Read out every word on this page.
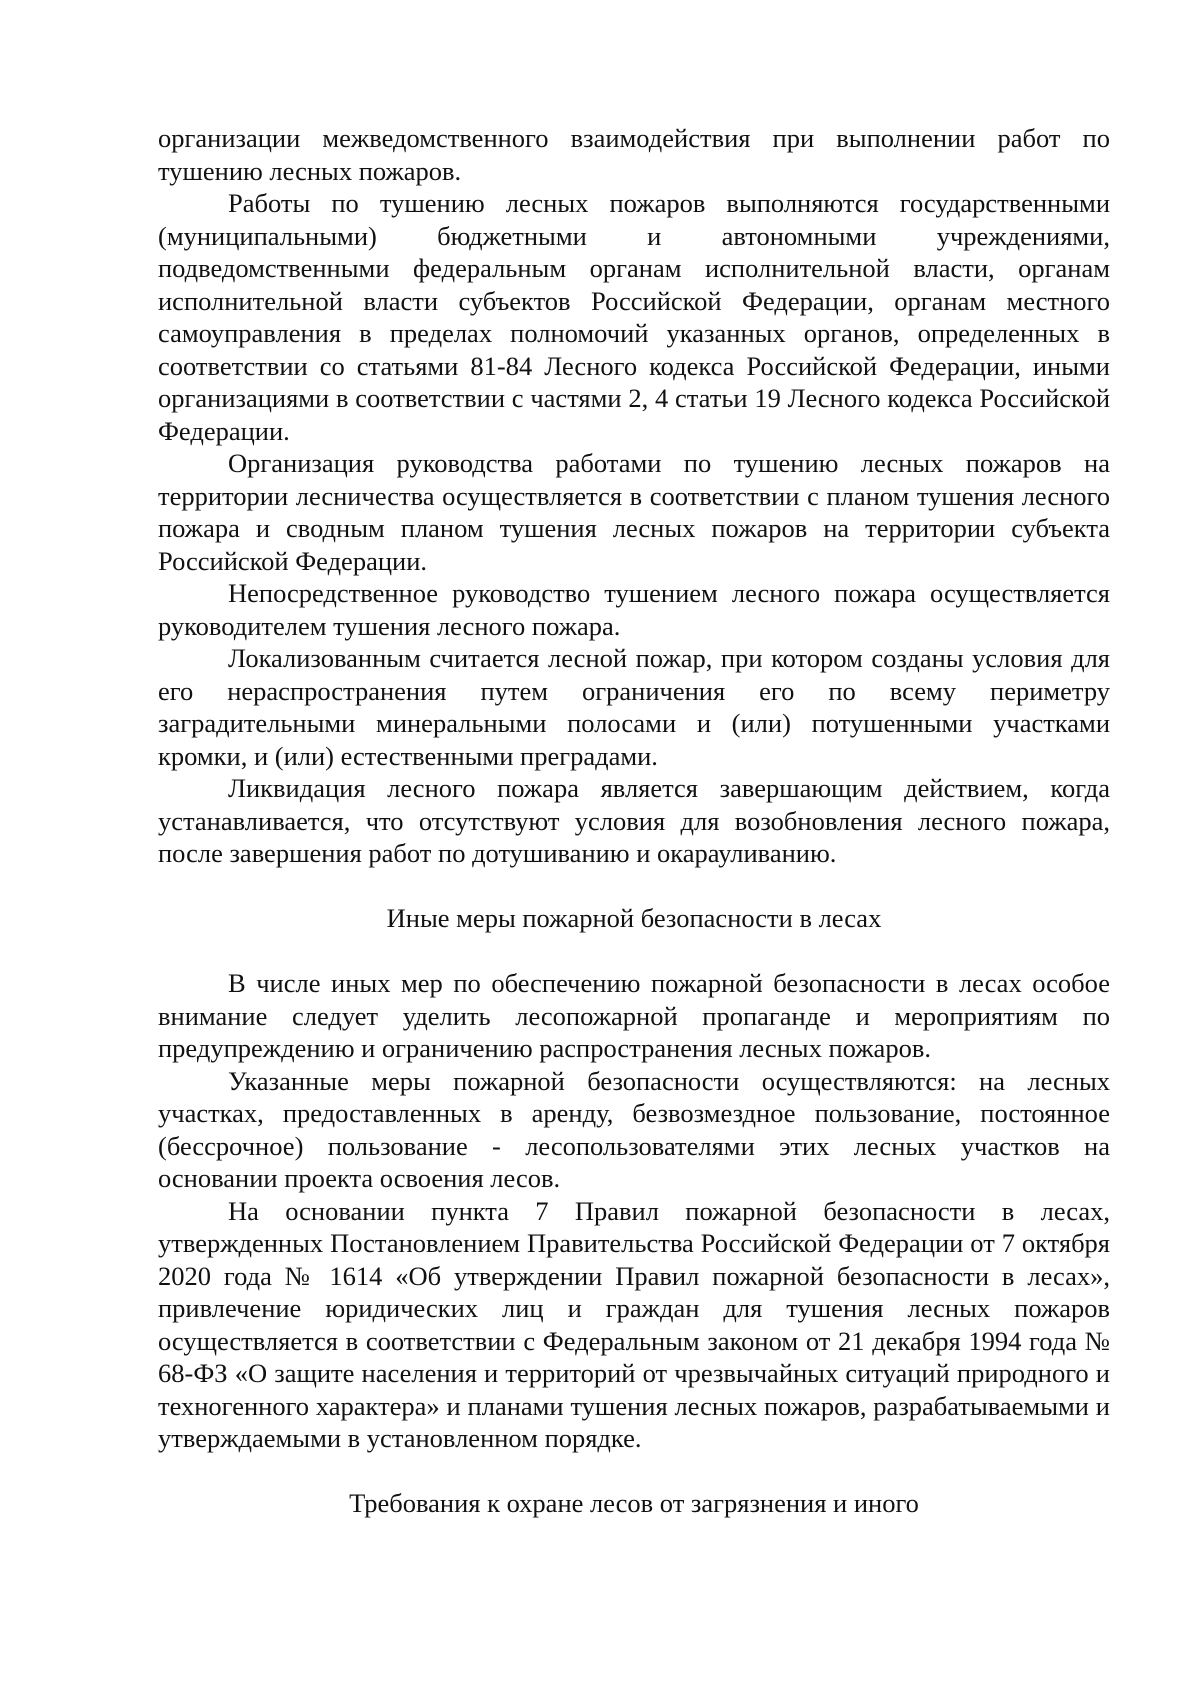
организации межведомственного взаимодействия при выполнении работ по тушению лесных пожаров.

Работы по тушению лесных пожаров выполняются государственными (муниципальными) бюджетными и автономными учреждениями, подведомственными федеральным органам исполнительной власти, органам исполнительной власти субъектов Российской Федерации, органам местного самоуправления в пределах полномочий указанных органов, определенных в соответствии со статьями 81-84 Лесного кодекса Российской Федерации, иными организациями в соответствии с частями 2, 4 статьи 19 Лесного кодекса Российской Федерации.

Организация руководства работами по тушению лесных пожаров на территории лесничества осуществляется в соответствии с планом тушения лесного пожара и сводным планом тушения лесных пожаров на территории субъекта Российской Федерации.

Непосредственное руководство тушением лесного пожара осуществляется руководителем тушения лесного пожара.

Локализованным считается лесной пожар, при котором созданы условия для его нераспространения путем ограничения его по всему периметру заградительными минеральными полосами и (или) потушенными участками кромки, и (или) естественными преградами.

Ликвидация лесного пожара является завершающим действием, когда устанавливается, что отсутствуют условия для возобновления лесного пожара, после завершения работ по дотушиванию и окарауливанию.

Иные меры пожарной безопасности в лесах

В числе иных мер по обеспечению пожарной безопасности в лесах особое внимание следует уделить лесопожарной пропаганде и мероприятиям по предупреждению и ограничению распространения лесных пожаров.

Указанные меры пожарной безопасности осуществляются: на лесных участках, предоставленных в аренду, безвозмездное пользование, постоянное (бессрочное) пользование - лесопользователями этих лесных участков на основании проекта освоения лесов.

На основании пункта 7 Правил пожарной безопасности в лесах, утвержденных Постановлением Правительства Российской Федерации от 7 октября 2020 года № 1614 «Об утверждении Правил пожарной безопасности в лесах», привлечение юридических лиц и граждан для тушения лесных пожаров осуществляется в соответствии с Федеральным законом от 21 декабря 1994 года № 68-ФЗ «О защите населения и территорий от чрезвычайных ситуаций природного и техногенного характера» и планами тушения лесных пожаров, разрабатываемыми и утверждаемыми в установленном порядке.

Требования к охране лесов от загрязнения и иного
